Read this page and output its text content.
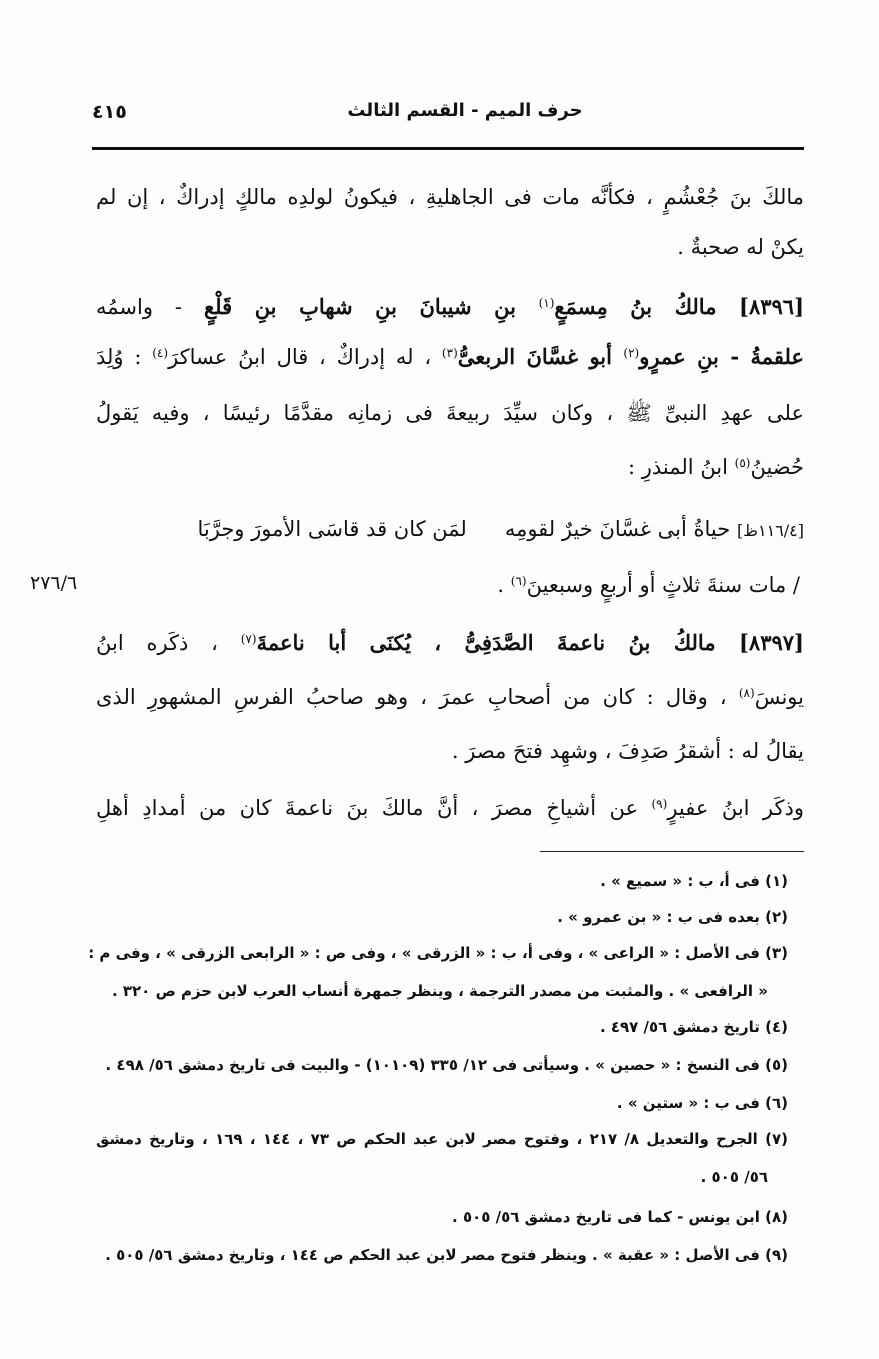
حرف الميم - القسم الثالث
٤١٥
مالكَ بنَ جُعْشُمٍ ، فكأنَّه مات فى الجاهليةِ ، فيكونُ لولدِه مالكٍ إدراكٌ ، إن لم
يكنْ له صحبةٌ .
[٨٣٩٦] مالكُ بنُ مِسمَعٍ$^{(١)}$ بنِ شيبانَ بنِ شهابِ بنِ قَلْعٍ - واسمُه
علقمةُ - بنِ عمرٍو$^{(٢)}$ أبو غسَّانَ الربعىُّ$^{(٣)}$ ، له إدراكٌ ، قال ابنُ عساكرَ$^{(٤)}$ : وُلِدَ
على عهدِ النبىِّ ﷺ ، وكان سيِّدَ ربيعةَ فى زمانِه مقدَّمًا رئيسًا ، وفيه يَقولُ
حُضينُ$^{(٥)}$ ابنُ المنذرِ :
[١١٦/٤ظ] حياةُ أبى غسَّانَ خيرٌ لقومِهلمَن كان قد قاسَى الأمورَ وجرَّبَا
/ مات سنةَ ثلاثٍ أو أربعٍ وسبعينَ$^{(٦)}$ .
٢٧٦/٦
[٨٣٩٧] مالكُ بنُ ناعمةَ الصَّدَفِىُّ ، يُكنَى أبا ناعمةَ$^{(٧)}$ ، ذكَره ابنُ
يونسَ$^{(٨)}$ ، وقال : كان من أصحابِ عمرَ ، وهو صاحبُ الفرسِ المشهورِ الذى
يقالُ له : أشقرُ صَدِفَ ، وشهِد فتحَ مصرَ .
وذكَر ابنُ عفيرٍ$^{(٩)}$ عن أشياخِ مصرَ ، أنَّ مالكَ بنَ ناعمةَ كان من أمدادِ أهلِ
(١) فى أ، ب : « سميع » .
(٢) بعده فى ب : « بن عمرو » .
(٣) فى الأصل : « الراعى » ، وفى أ، ب : « الزرقى » ، وفى ص : « الرابعى الزرقى » ، وفى م :
« الرافعى » . والمثبت من مصدر الترجمة ، وينظر جمهرة أنساب العرب لابن حزم ص ٣٢٠ .
(٤) تاريخ دمشق ٥٦/ ٤٩٧ .
(٥) فى النسخ : « حصين » . وسيأتى فى ١٢/ ٣٣٥ (١٠١٠٩) - والبيت فى تاريخ دمشق ٥٦/ ٤٩٨ .
(٦) فى ب : « ستين » .
(٧) الجرح والتعديل ٨/ ٢١٧ ، وفتوح مصر لابن عبد الحكم ص ٧٣ ، ١٤٤ ، ١٦٩ ، وتاريخ دمشق
٥٦/ ٥٠٥ .
(٨) ابن يونس - كما فى تاريخ دمشق ٥٦/ ٥٠٥ .
(٩) فى الأصل : « عقبة » . وينظر فتوح مصر لابن عبد الحكم ص ١٤٤ ، وتاريخ دمشق ٥٦/ ٥٠٥ .
